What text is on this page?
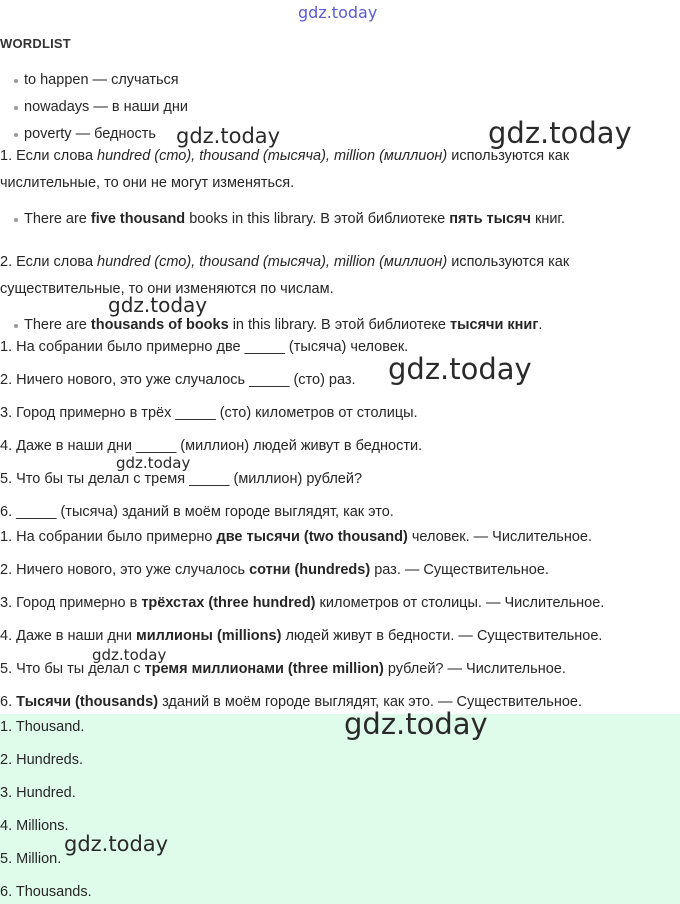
WORDLIST
to happen — случаться
nowadays — в наши дни
poverty — бедность
1. Если слова hundred (сто), thousand (тысяча), million (миллион) используются как
числительные, то они не могут изменяться.
There are five thousand books in this library. В этой библиотеке пять тысяч книг.
2. Если слова hundred (сто), thousand (тысяча), million (миллион) используются как
существительные, то они изменяются по числам.
There are thousands of books in this library. В этой библиотеке тысячи книг.
1. На собрании было примерно две _____ (тысяча) человек.
2. Ничего нового, это уже случалось _____ (сто) раз.
3. Город примерно в трёх _____ (сто) километров от столицы.
4. Даже в наши дни _____ (миллион) людей живут в бедности.
5. Что бы ты делал с тремя _____ (миллион) рублей?
6. _____ (тысяча) зданий в моём городе выглядят, как это.
1. На собрании было примерно две тысячи (two thousand) человек. — Числительное.
2. Ничего нового, это уже случалось сотни (hundreds) раз. — Существительное.
3. Город примерно в трёхстах (three hundred) километров от столицы. — Числительное.
4. Даже в наши дни миллионы (millions) людей живут в бедности. — Существительное.
5. Что бы ты делал с тремя миллионами (three million) рублей? — Числительное.
6. Тысячи (thousands) зданий в моём городе выглядят, как это. — Существительное.
1. Thousand.
2. Hundreds.
3. Hundred.
4. Millions.
5. Million.
6. Thousands.
gdz.today
gdz.today	gdz.today
gdz.today
gdz.today
gdz.today
gdz.today
gdz.today
gdz.today
